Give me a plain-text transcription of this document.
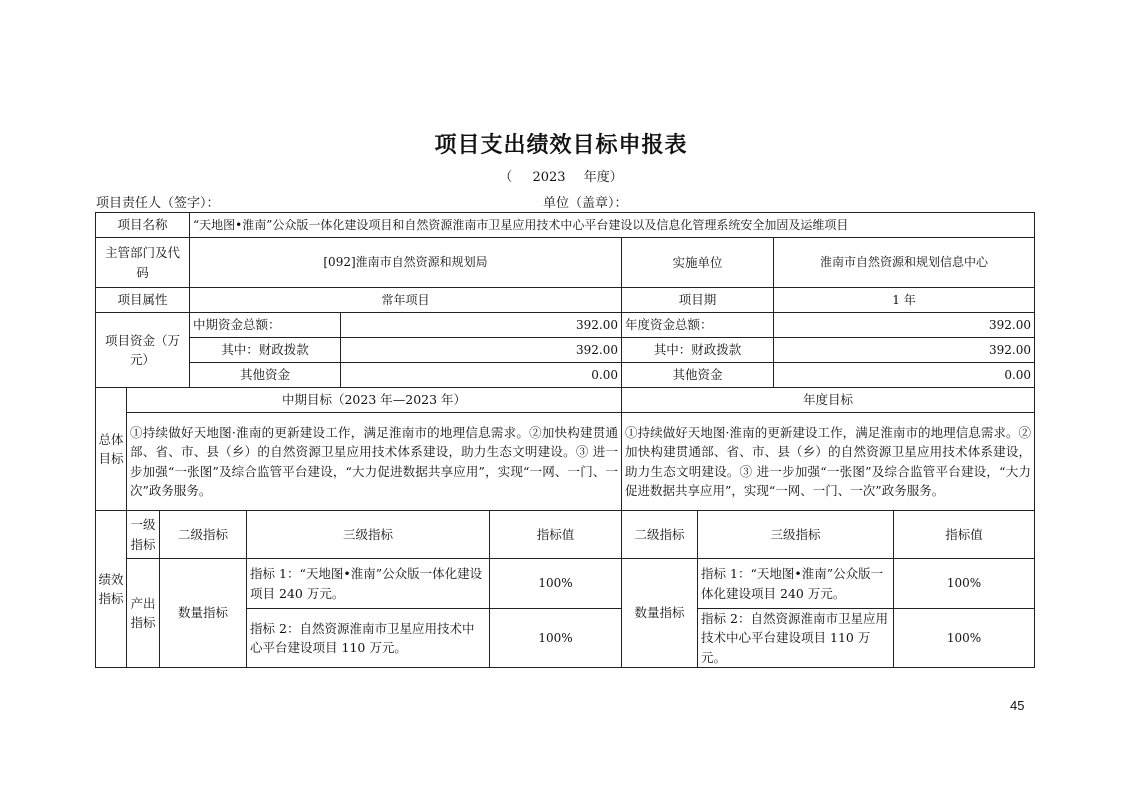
项目支出绩效目标申报表
（ 2023 年度）
项目责任人（签字）：	单位（盖章）：
项目名称			“天地图•淮南”公众版一体化建设项目和自然资源淮南市卫星应用技术中心平台建设以及信息化管理系统安全加固及运维项目							
主管部门及代码			[092]淮南市自然资源和规划局				实施单位		淮南市自然资源和规划信息中心	
项目属性			常年项目				项目期		1 年	
项目资金（万元）			中期资金总额：		392.00		年度资金总额：		392.00	
			其中：财政拨款		392.00		其中：财政拨款		392.00	
			其他资金		0.00		其他资金		0.00	
总体目标	中期目标（2023 年—2023 年）						年度目标			
	①持续做好天地图·淮南的更新建设工作，满足淮南市的地理信息需求。②加快构建贯通部、省、市、县（乡）的自然资源卫星应用技术体系建设，助力生态文明建设。③ 进一步加强“一张图”及综合监管平台建设，“大力促进数据共享应用”，实现“一网、一门、一次”政务服务。						①持续做好天地图·淮南的更新建设工作，满足淮南市的地理信息需求。②加快构建贯通部、省、市、县（乡）的自然资源卫星应用技术体系建设，助力生态文明建设。③ 进一步加强“一张图”及综合监管平台建设，“大力促进数据共享应用”，实现“一网、一门、一次”政务服务。			
绩效指标	一级指标	二级指标		三级指标		指标值	二级指标	三级指标		指标值
	产出指标	数量指标		指标 1：“天地图•淮南”公众版一体化建设项目 240 万元。		100%	数量指标	指标 1：“天地图•淮南”公众版一体化建设项目 240 万元。		100%
				指标 2：自然资源淮南市卫星应用技术中心平台建设项目 110 万元。		100%		指标 2：自然资源淮南市卫星应用技术中心平台建设项目 110 万元。		100%
45
